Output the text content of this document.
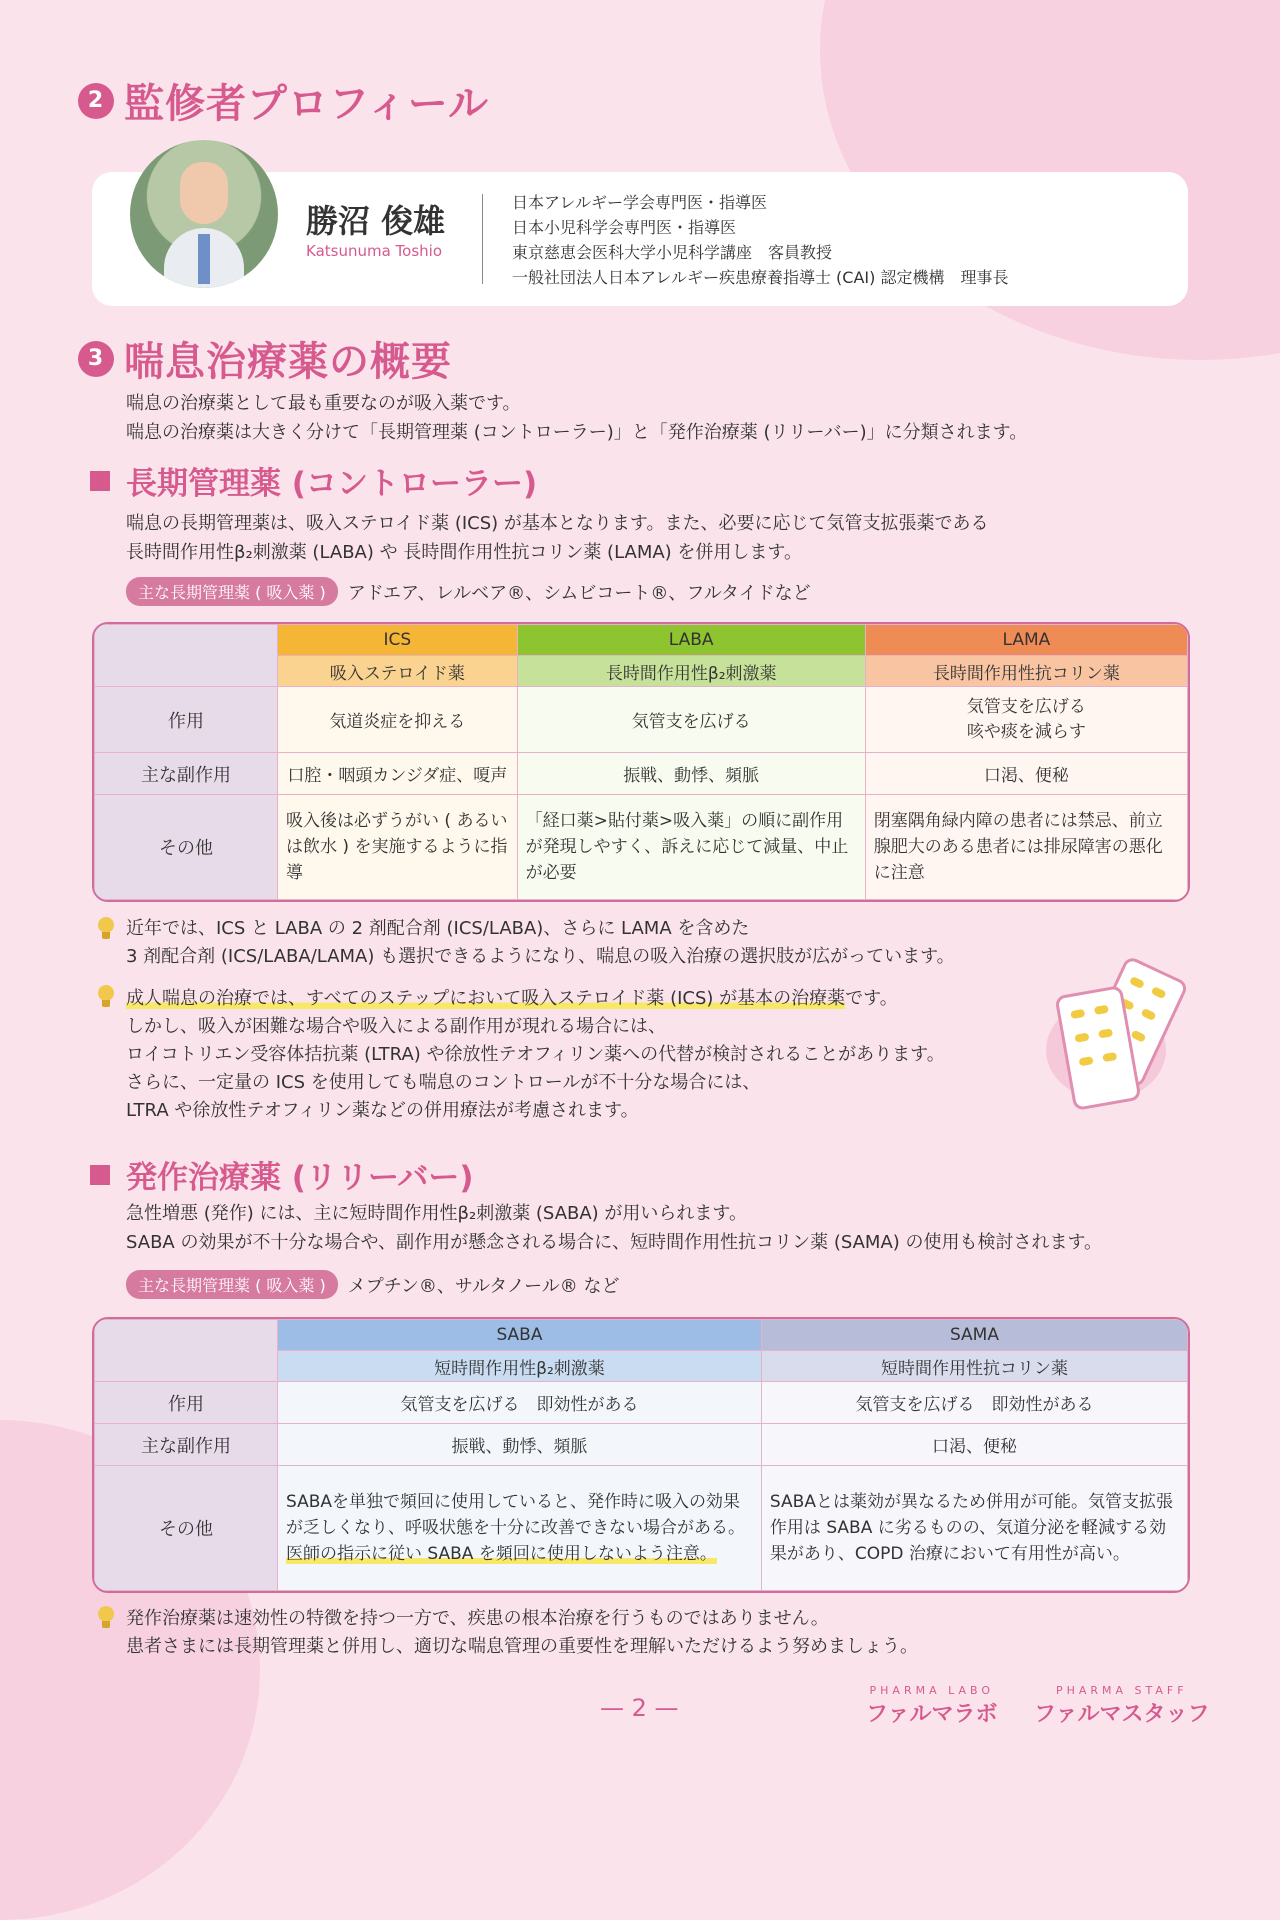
2 監修者プロフィール
勝沼 俊雄
Katsunuma Toshio
日本アレルギー学会専門医・指導医
日本小児科学会専門医・指導医
東京慈恵会医科大学小児科学講座　客員教授
一般社団法人日本アレルギー疾患療養指導士 (CAI) 認定機構　理事長
3 喘息治療薬の概要
喘息の治療薬として最も重要なのが吸入薬です。
喘息の治療薬は大きく分けて「長期管理薬 (コントローラー)」と「発作治療薬 (リリーバー)」に分類されます。
長期管理薬 (コントローラー)
喘息の長期管理薬は、吸入ステロイド薬 (ICS) が基本となります。また、必要に応じて気管支拡張薬である
長時間作用性β₂刺激薬 (LABA) や 長時間作用性抗コリン薬 (LAMA) を併用します。
主な長期管理薬 ( 吸入薬 )	アドエア、レルベア®、シムビコート®、フルタイドなど
	ICS	LABA	LAMA
	吸入ステロイド薬	長時間作用性β₂刺激薬	長時間作用性抗コリン薬
作用	気道炎症を抑える	気管支を広げる	気管支を広げる
咳や痰を減らす
主な副作用	口腔・咽頭カンジダ症、嗄声	振戦、動悸、頻脈	口渇、便秘
その他	吸入後は必ずうがい ( あるいは飲水 ) を実施するように指導	「経口薬>貼付薬>吸入薬」の順に副作用が発現しやすく、訴えに応じて減量、中止が必要	閉塞隅角緑内障の患者には禁忌、前立腺肥大のある患者には排尿障害の悪化に注意
近年では、ICS と LABA の 2 剤配合剤 (ICS/LABA)、さらに LAMA を含めた
3 剤配合剤 (ICS/LABA/LAMA) も選択できるようになり、喘息の吸入治療の選択肢が広がっています。
成人喘息の治療では、すべてのステップにおいて吸入ステロイド薬 (ICS) が基本の治療薬です。
しかし、吸入が困難な場合や吸入による副作用が現れる場合には、
ロイコトリエン受容体拮抗薬 (LTRA) や徐放性テオフィリン薬への代替が検討されることがあります。
さらに、一定量の ICS を使用しても喘息のコントロールが不十分な場合には、
LTRA や徐放性テオフィリン薬などの併用療法が考慮されます。
発作治療薬 (リリーバー)
急性増悪 (発作) には、主に短時間作用性β₂刺激薬 (SABA) が用いられます。
SABA の効果が不十分な場合や、副作用が懸念される場合に、短時間作用性抗コリン薬 (SAMA) の使用も検討されます。
主な長期管理薬 ( 吸入薬 )	メプチン®、サルタノール® など
	SABA	SAMA
	短時間作用性β₂刺激薬	短時間作用性抗コリン薬
作用	気管支を広げる　即効性がある	気管支を広げる　即効性がある
主な副作用	振戦、動悸、頻脈	口渇、便秘
その他	SABAを単独で頻回に使用していると、発作時に吸入の効果が乏しくなり、呼吸状態を十分に改善できない場合がある。医師の指示に従い SABA を頻回に使用しないよう注意。	SABAとは薬効が異なるため併用が可能。気管支拡張作用は SABA に劣るものの、気道分泌を軽減する効果があり、COPD 治療において有用性が高い。
発作治療薬は速効性の特徴を持つ一方で、疾患の根本治療を行うものではありません。
患者さまには長期管理薬と併用し、適切な喘息管理の重要性を理解いただけるよう努めましょう。
— 2 —
PHARMA LABO
ファルマラボ
PHARMA STAFF
ファルマスタッフ
